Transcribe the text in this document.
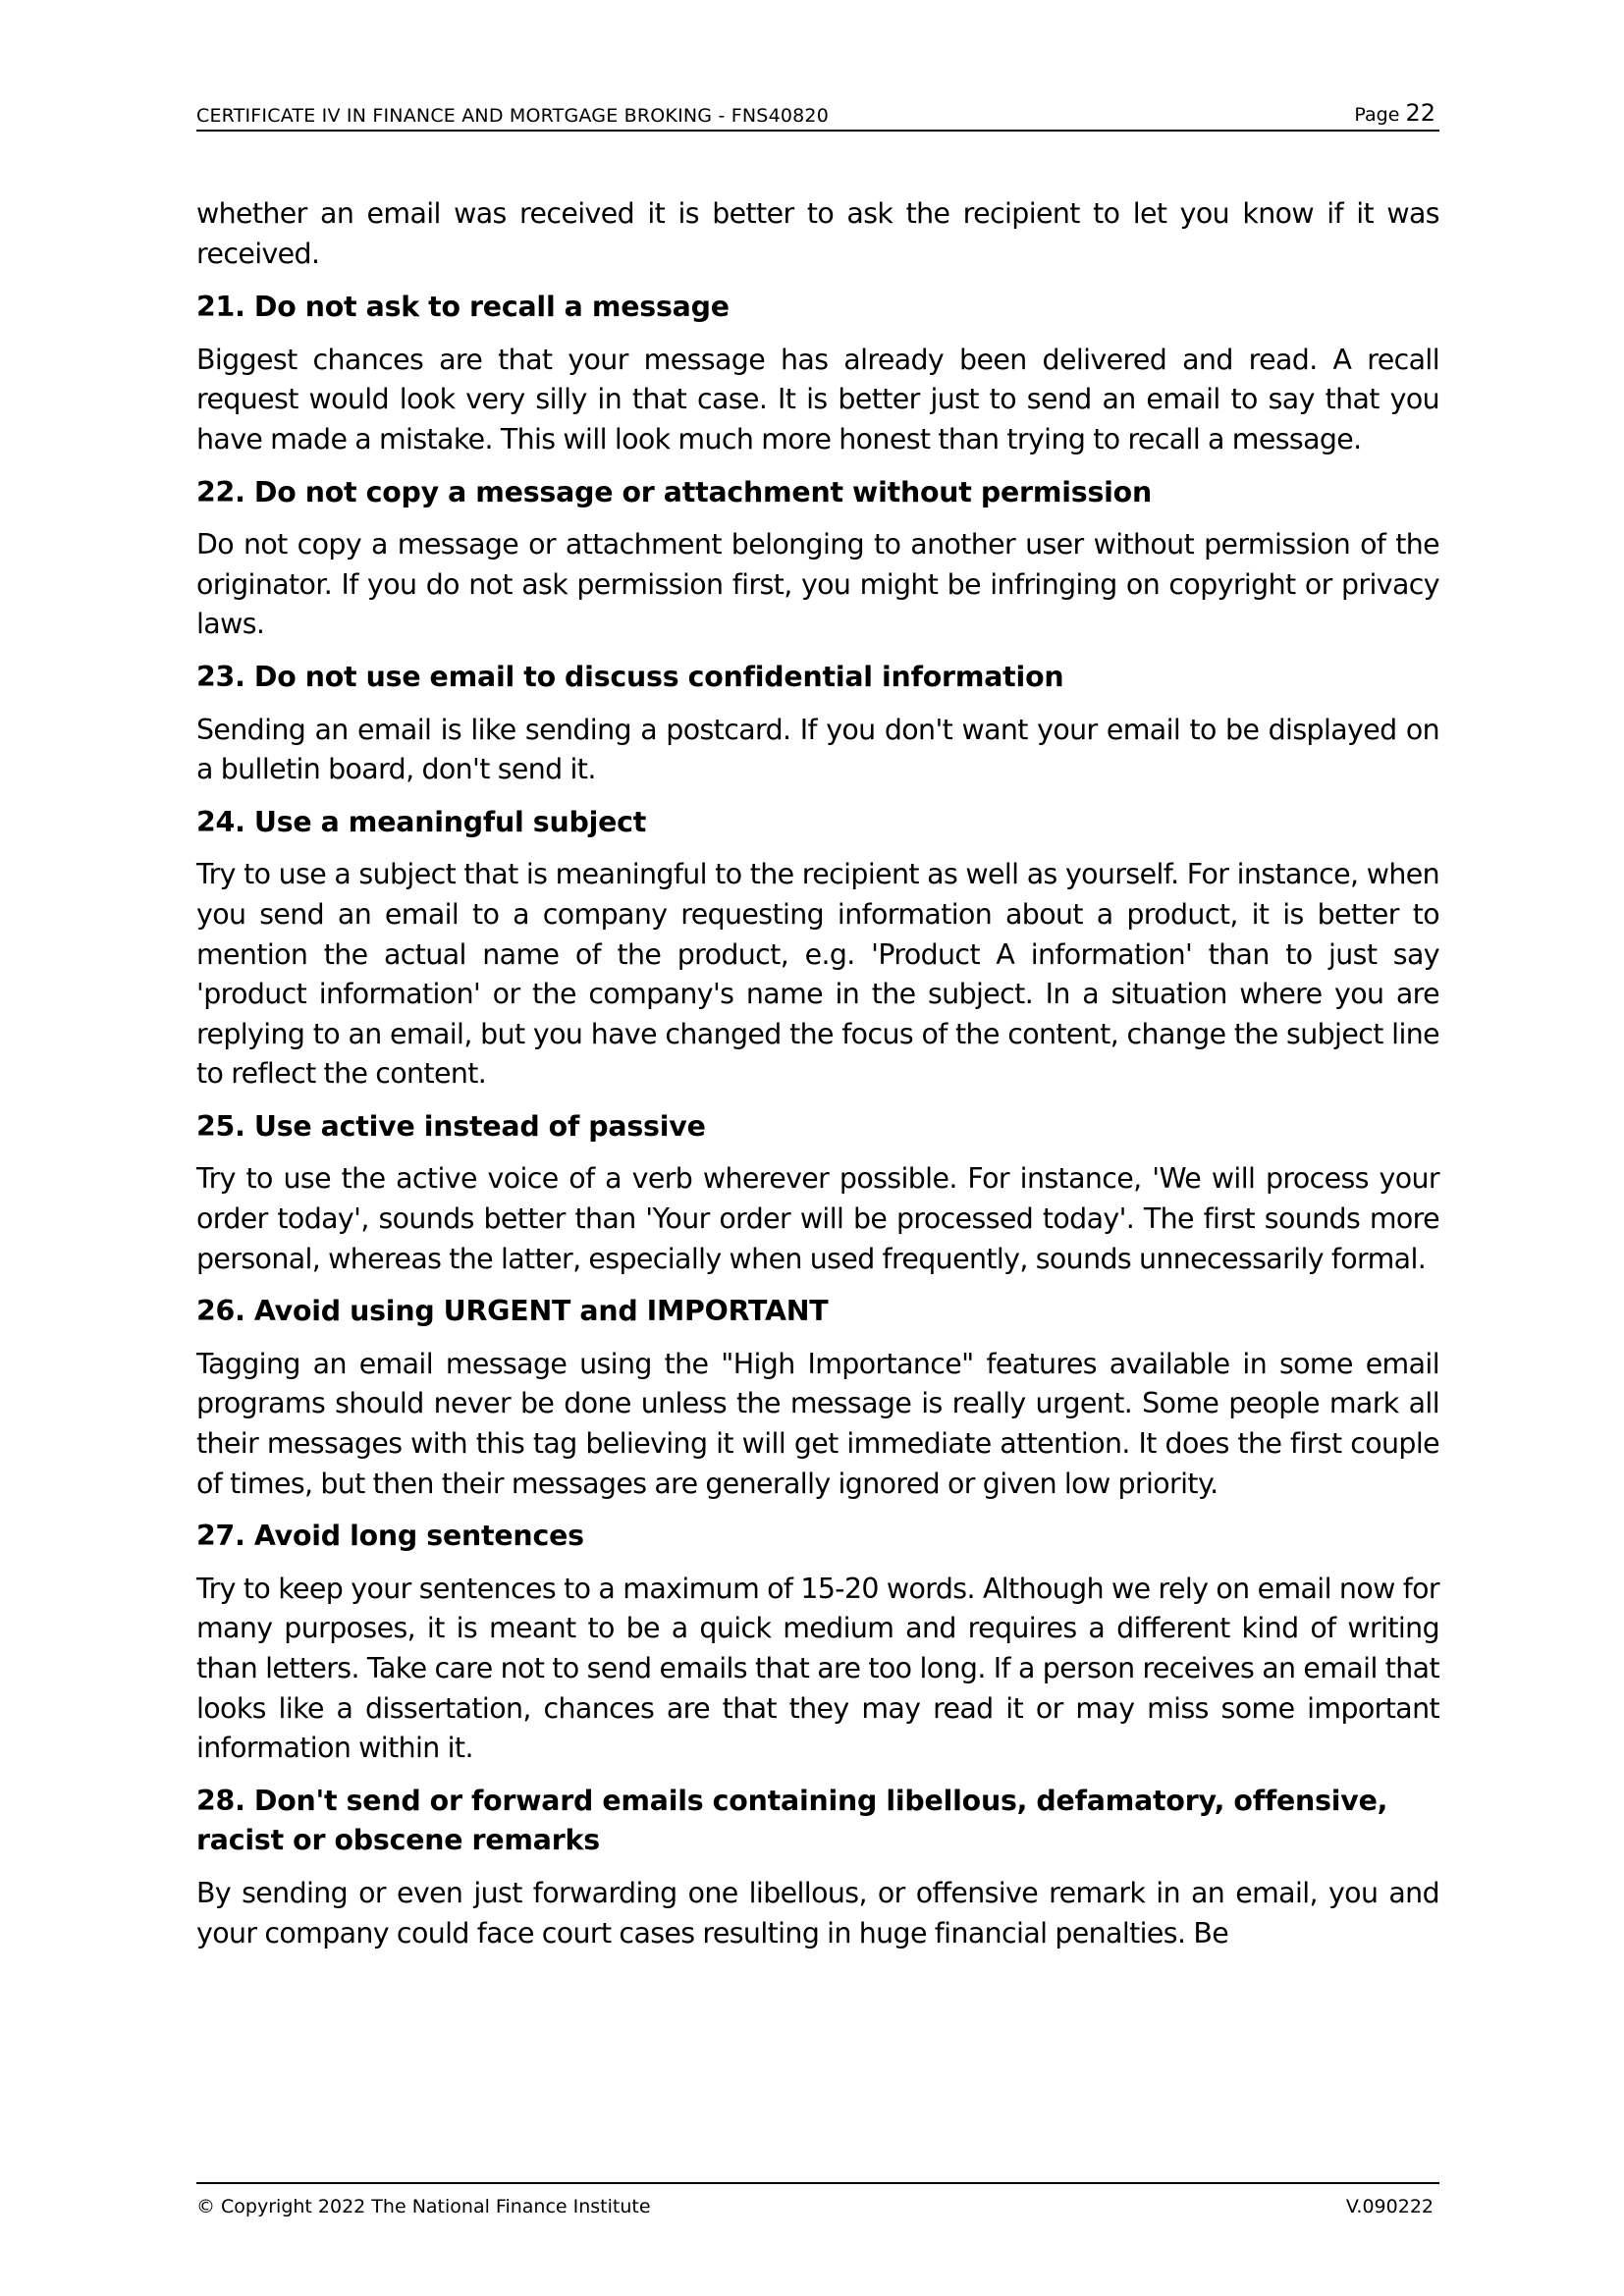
CERTIFICATE IV IN FINANCE AND MORTGAGE BROKING - FNS40820	Page 22

whether an email was received it is better to ask the recipient to let you know if it was received.

21. Do not ask to recall a message

Biggest chances are that your message has already been delivered and read. A recall request would look very silly in that case. It is better just to send an email to say that you have made a mistake. This will look much more honest than trying to recall a message.

22. Do not copy a message or attachment without permission

Do not copy a message or attachment belonging to another user without permission of the originator. If you do not ask permission first, you might be infringing on copyright or privacy laws.

23. Do not use email to discuss confidential information

Sending an email is like sending a postcard. If you don't want your email to be displayed on a bulletin board, don't send it.

24. Use a meaningful subject

Try to use a subject that is meaningful to the recipient as well as yourself. For instance, when you send an email to a company requesting information about a product, it is better to mention the actual name of the product, e.g. 'Product A information' than to just say 'product information' or the company's name in the subject. In a situation where you are replying to an email, but you have changed the focus of the content, change the subject line to reflect the content.

25. Use active instead of passive

Try to use the active voice of a verb wherever possible. For instance, 'We will process your order today', sounds better than 'Your order will be processed today'. The first sounds more personal, whereas the latter, especially when used frequently, sounds unnecessarily formal.

26. Avoid using URGENT and IMPORTANT

Tagging an email message using the "High Importance" features available in some email programs should never be done unless the message is really urgent. Some people mark all their messages with this tag believing it will get immediate attention. It does the first couple of times, but then their messages are generally ignored or given low priority.

27. Avoid long sentences

Try to keep your sentences to a maximum of 15-20 words. Although we rely on email now for many purposes, it is meant to be a quick medium and requires a different kind of writing than letters. Take care not to send emails that are too long. If a person receives an email that looks like a dissertation, chances are that they may read it or may miss some important information within it.

28. Don't send or forward emails containing libellous, defamatory, offensive, racist or obscene remarks

By sending or even just forwarding one libellous, or offensive remark in an email, you and your company could face court cases resulting in huge financial penalties. Be

© Copyright 2022 The National Finance Institute	V.090222
